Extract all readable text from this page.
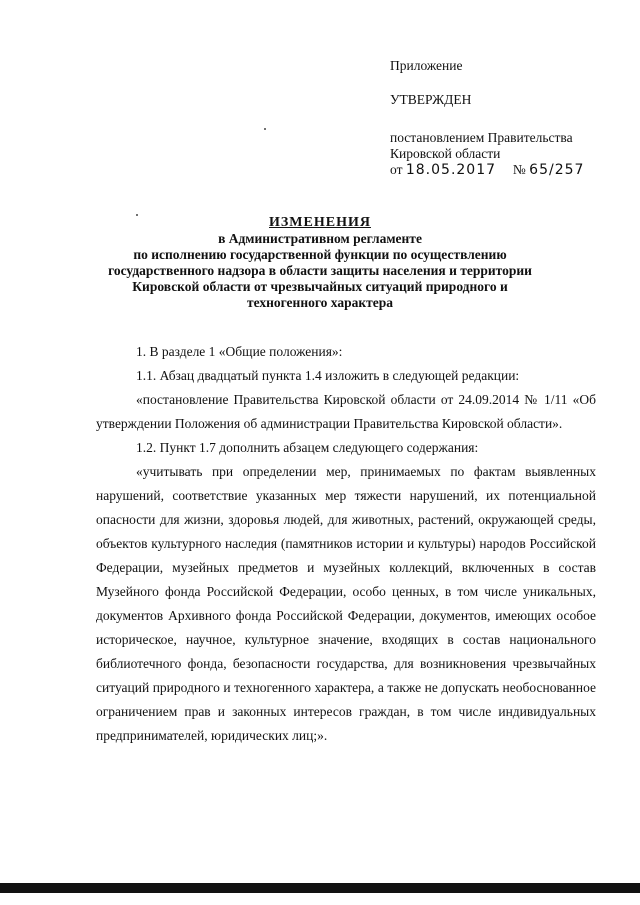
Приложение
УТВЕРЖДЕН
постановлением Правительства
Кировской области
от 18.05.2017 № 65/257
ИЗМЕНЕНИЯ
в Административном регламенте
по исполнению государственной функции по осуществлению
государственного надзора в области защиты населения и территории
Кировской области от чрезвычайных ситуаций природного и
техногенного характера

1. В разделе 1 «Общие положения»:

1.1. Абзац двадцатый пункта 1.4 изложить в следующей редакции:

«постановление Правительства Кировской области от 24.09.2014 № 1/11 «Об утверждении Положения об администрации Правительства Кировской области».

1.2. Пункт 1.7 дополнить абзацем следующего содержания:

«учитывать при определении мер, принимаемых по фактам выявленных нарушений, соответствие указанных мер тяжести нарушений, их потенциальной опасности для жизни, здоровья людей, для животных, растений, окружающей среды, объектов культурного наследия (памятников истории и культуры) народов Российской Федерации, музейных предметов и музейных коллекций, включенных в состав Музейного фонда Российской Федерации, особо ценных, в том числе уникальных, документов Архивного фонда Российской Федерации, документов, имеющих особое историческое, научное, культурное значение, входящих в состав национального библиотечного фонда, безопасности государства, для возникновения чрезвычайных ситуаций природного и техногенного характера, а также не допускать необоснованное ограничением прав и законных интересов граждан, в том числе индивидуальных предпринимателей, юридических лиц;».
